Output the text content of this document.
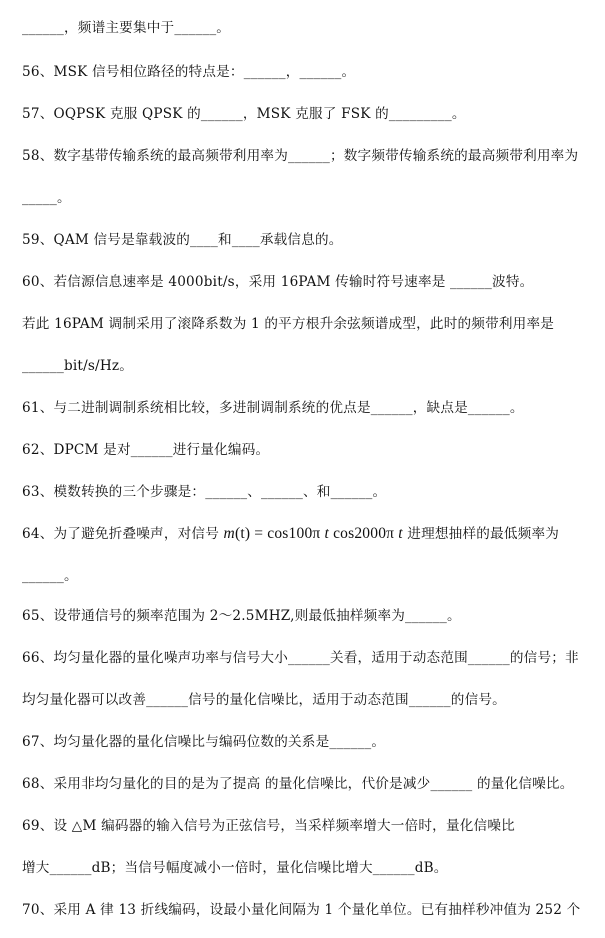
______，频谱主要集中于______。
56、MSK 信号相位路径的特点是：______，______。
57、OQPSK 克服 QPSK 的______，MSK 克服了 FSK 的_________。
58、数字基带传输系统的最高频带利用率为______；数字频带传输系统的最高频带利用率为
_____。
59、QAM 信号是靠载波的____和____承载信息的。
60、若信源信息速率是 4000bit/s，采用 16PAM 传输时符号速率是 ______波特。
若此 16PAM 调制采用了滚降系数为 1 的平方根升余弦频谱成型，此时的频带利用率是
______bit/s/Hz。
61、与二进制调制系统相比较，多进制调制系统的优点是______，缺点是______。
62、DPCM 是对______进行量化编码。
63、模数转换的三个步骤是：______、______、和______。
64、为了避免折叠噪声，对信号 m(t) = cos100π t cos2000π t 进理想抽样的最低频率为
______。
65、设带通信号的频率范围为 2～2.5MHZ,则最低抽样频率为______。
66、均匀量化器的量化噪声功率与信号大小______关看，适用于动态范围______的信号；非
均匀量化器可以改善______信号的量化信噪比，适用于动态范围______的信号。
67、均匀量化器的量化信噪比与编码位数的关系是______。
68、采用非均匀量化的目的是为了提高 的量化信噪比，代价是减少______ 的量化信噪比。
69、设 △M 编码器的输入信号为正弦信号，当采样频率增大一倍时，量化信噪比
增大______dB；当信号幅度减小一倍时，量化信噪比增大______dB。
70、采用 A 律 13 折线编码，设最小量化间隔为 1 个量化单位。已有抽样秒冲值为 252 个
